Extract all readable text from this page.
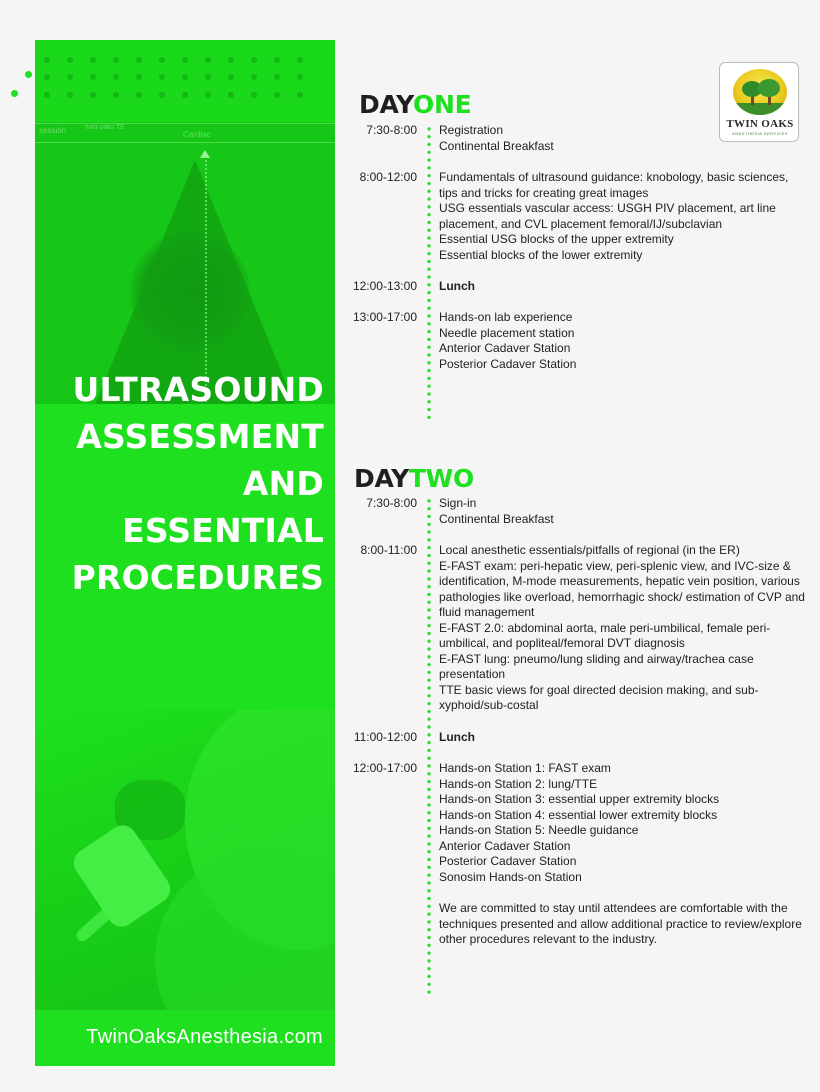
session	twin oaks TE
Cardiac
ULTRASOUND
ASSESSMENT
AND
ESSENTIAL
PROCEDURES
TwinOaksAnesthesia.com
TWIN OAKS
ANESTHESIA SERVICES
DAYONE
7:30-8:00 Registration
Continental Breakfast
8:00-12:00 Fundamentals of ultrasound guidance: knobology, basic sciences, tips and tricks for creating great images
USG essentials vascular access: USGH PIV placement, art line placement, and CVL placement femoral/IJ/subclavian
Essential USG blocks of the upper extremity
Essential blocks of the lower extremity
12:00-13:00 Lunch
13:00-17:00 Hands-on lab experience
Needle placement station
Anterior Cadaver Station
Posterior Cadaver Station
DAYTWO
7:30-8:00 Sign-in
Continental Breakfast
8:00-11:00 Local anesthetic essentials/pitfalls of regional (in the ER)
E-FAST exam: peri-hepatic view, peri-splenic view, and IVC-size & identification, M-mode measurements, hepatic vein position, various pathologies like overload, hemorrhagic shock/ estimation of CVP and fluid management
E-FAST 2.0: abdominal aorta, male peri-umbilical, female peri-umbilical, and popliteal/femoral DVT diagnosis
E-FAST lung: pneumo/lung sliding and airway/trachea case presentation
TTE basic views for goal directed decision making, and sub-xyphoid/sub-costal
11:00-12:00 Lunch
12:00-17:00 Hands-on Station 1: FAST exam
Hands-on Station 2: lung/TTE
Hands-on Station 3: essential upper extremity blocks
Hands-on Station 4: essential lower extremity blocks
Hands-on Station 5: Needle guidance
Anterior Cadaver Station
Posterior Cadaver Station
Sonosim Hands-on Station
We are committed to stay until attendees are comfortable with the techniques presented and allow additional practice to review/explore other procedures relevant to the industry.
